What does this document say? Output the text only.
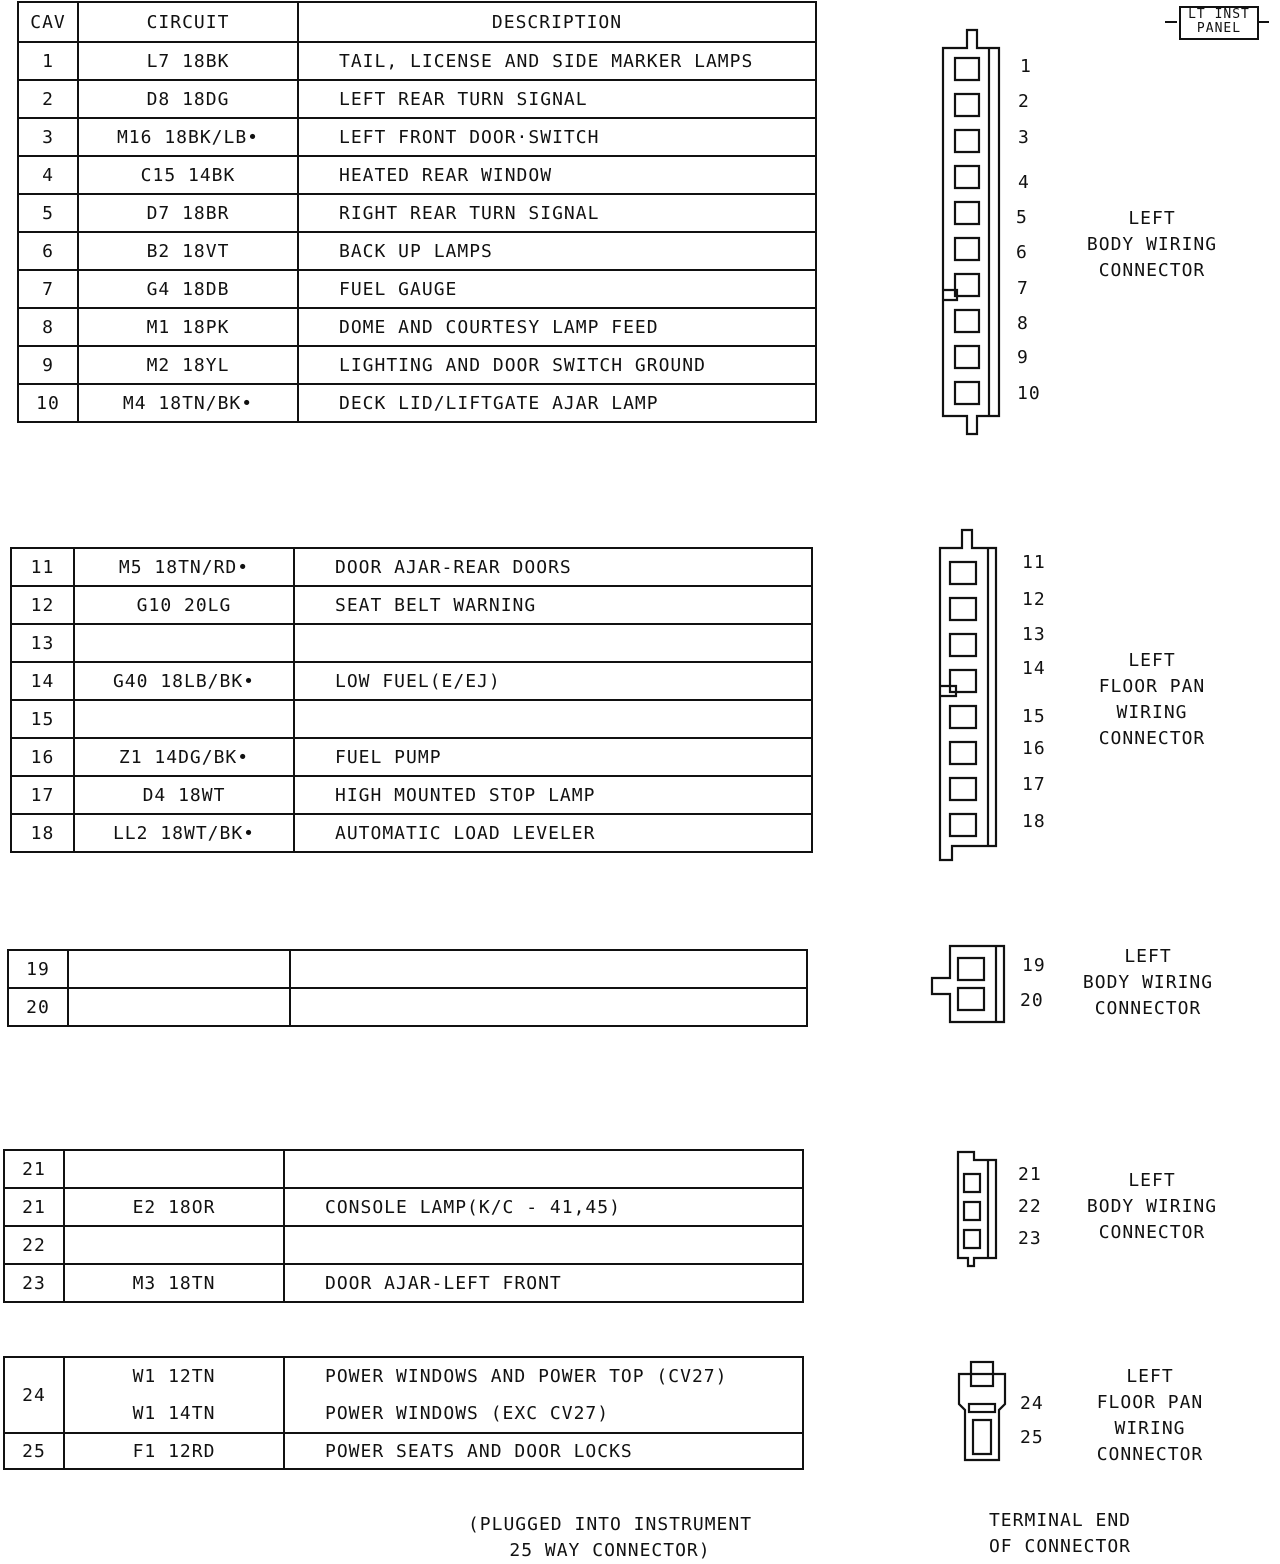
LT INST
PANEL
CAV	CIRCUIT	DESCRIPTION
1	L7 18BK	TAIL, LICENSE AND SIDE MARKER LAMPS
2	D8 18DG	LEFT REAR TURN SIGNAL
3	M16 18BK/LB•	LEFT FRONT DOOR·SWITCH
4	C15 14BK	HEATED REAR WINDOW
5	D7 18BR	RIGHT REAR TURN SIGNAL
6	B2 18VT	BACK UP LAMPS
7	G4 18DB	FUEL GAUGE
8	M1 18PK	DOME AND COURTESY LAMP FEED
9	M2 18YL	LIGHTING AND DOOR SWITCH GROUND
10	M4 18TN/BK•	DECK LID/LIFTGATE AJAR LAMP
11	M5 18TN/RD•	DOOR AJAR-REAR DOORS
12	G10 20LG	SEAT BELT WARNING
13		
14	G40 18LB/BK•	LOW FUEL(E/EJ)
15		
16	Z1 14DG/BK•	FUEL PUMP
17	D4 18WT	HIGH MOUNTED STOP LAMP
18	LL2 18WT/BK•	AUTOMATIC LOAD LEVELER
19		
20		
21		
21	E2 18OR	CONSOLE LAMP(K/C - 41,45)
22		
23	M3 18TN	DOOR AJAR-LEFT FRONT
24	W1 12TN	POWER WINDOWS AND POWER TOP (CV27)
	W1 14TN	POWER WINDOWS (EXC CV27)
25	F1 12RD	POWER SEATS AND DOOR LOCKS
1
2
3
4
5
6
7
8
9
10
LEFT
BODY WIRING
CONNECTOR
11
12
13
14
15
16
17
18
LEFT
FLOOR PAN
WIRING
CONNECTOR
19
20
LEFT
BODY WIRING
CONNECTOR
21
22
23
LEFT
BODY WIRING
CONNECTOR
24
25
LEFT
FLOOR PAN
WIRING
CONNECTOR
(PLUGGED INTO INSTRUMENT
25 WAY CONNECTOR)
TERMINAL END
OF CONNECTOR
